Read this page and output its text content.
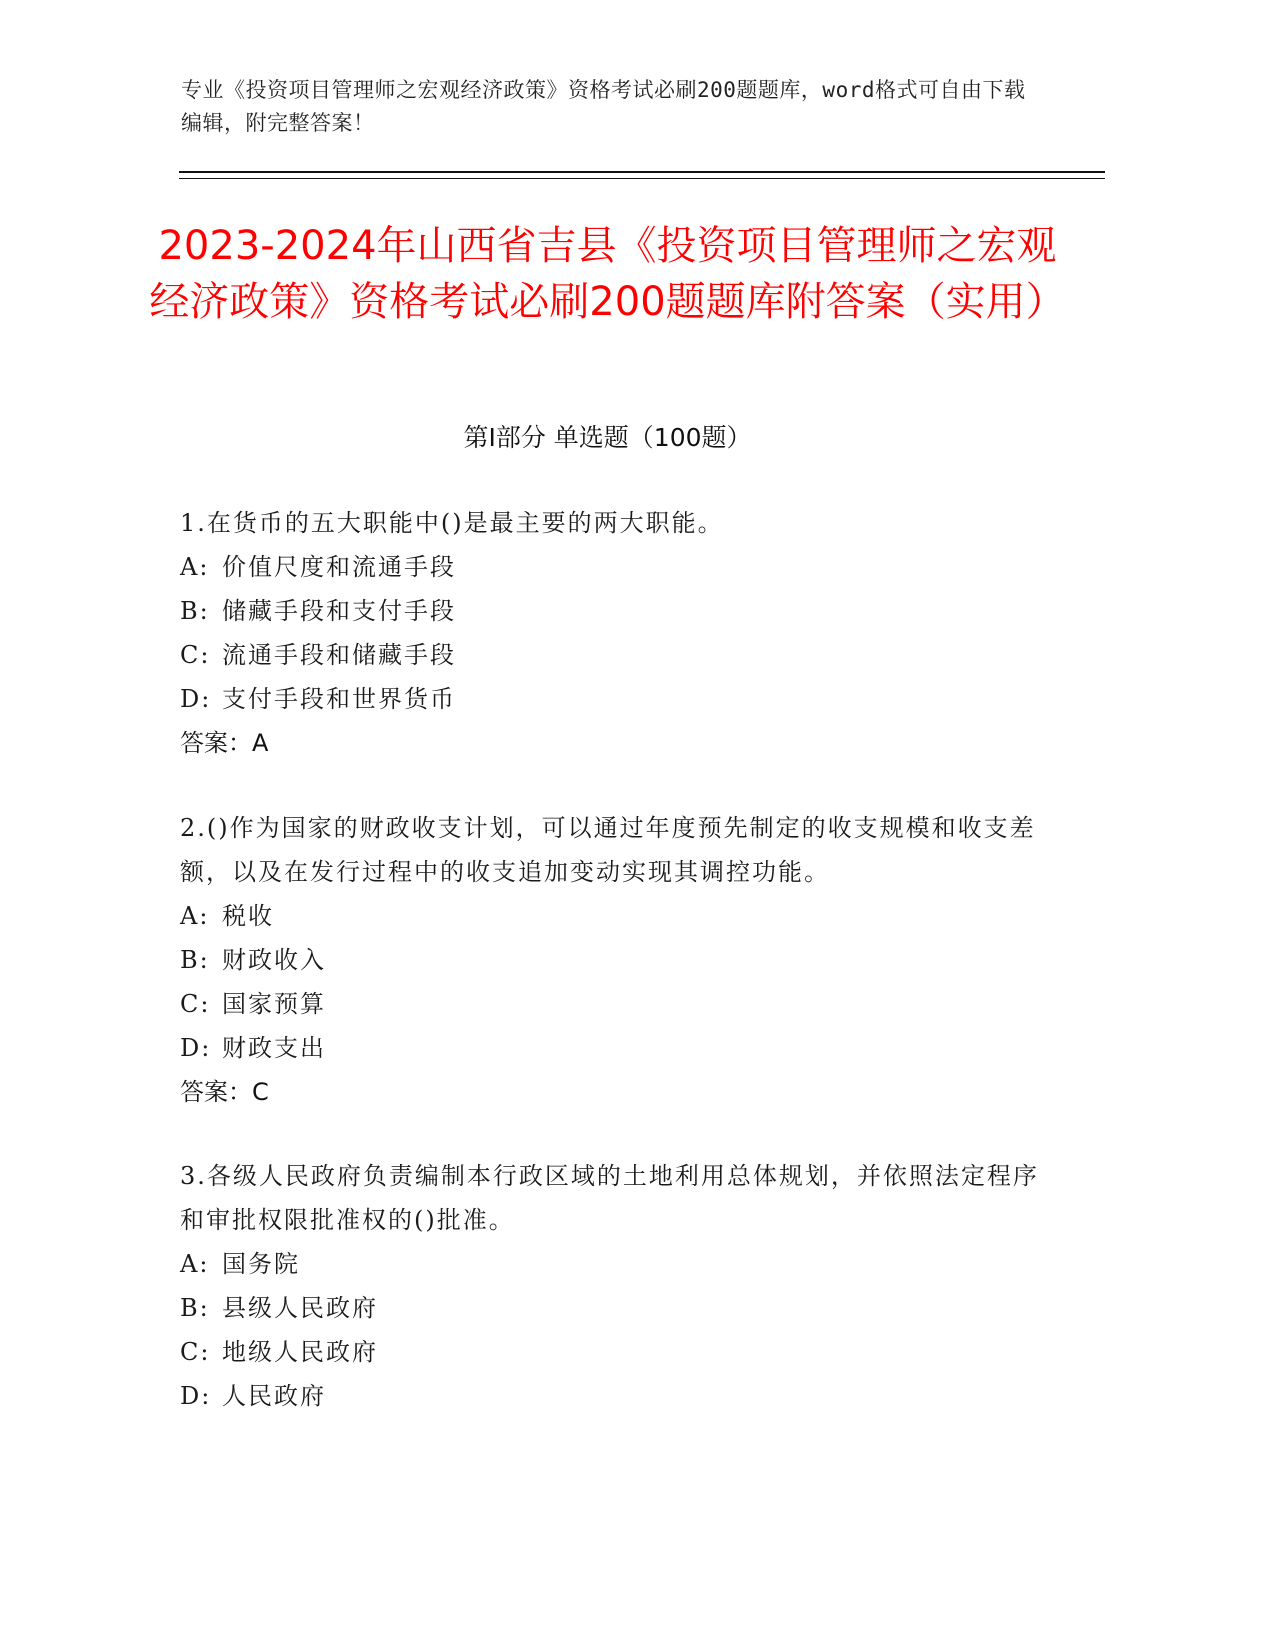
专业《投资项目管理师之宏观经济政策》资格考试必刷200题题库，word格式可自由下载编辑，附完整答案！
2023-2024年山西省吉县《投资项目管理师之宏观经济政策》资格考试必刷200题题库附答案（实用）
第I部分 单选题（100题）
1.在货币的五大职能中()是最主要的两大职能。
A: 价值尺度和流通手段
B: 储藏手段和支付手段
C: 流通手段和储藏手段
D: 支付手段和世界货币
答案：A
2.()作为国家的财政收支计划，可以通过年度预先制定的收支规模和收支差额，以及在发行过程中的收支追加变动实现其调控功能。
A: 税收
B: 财政收入
C: 国家预算
D: 财政支出
答案：C
3.各级人民政府负责编制本行政区域的土地利用总体规划，并依照法定程序和审批权限批准权的()批准。
A: 国务院
B: 县级人民政府
C: 地级人民政府
D: 人民政府
